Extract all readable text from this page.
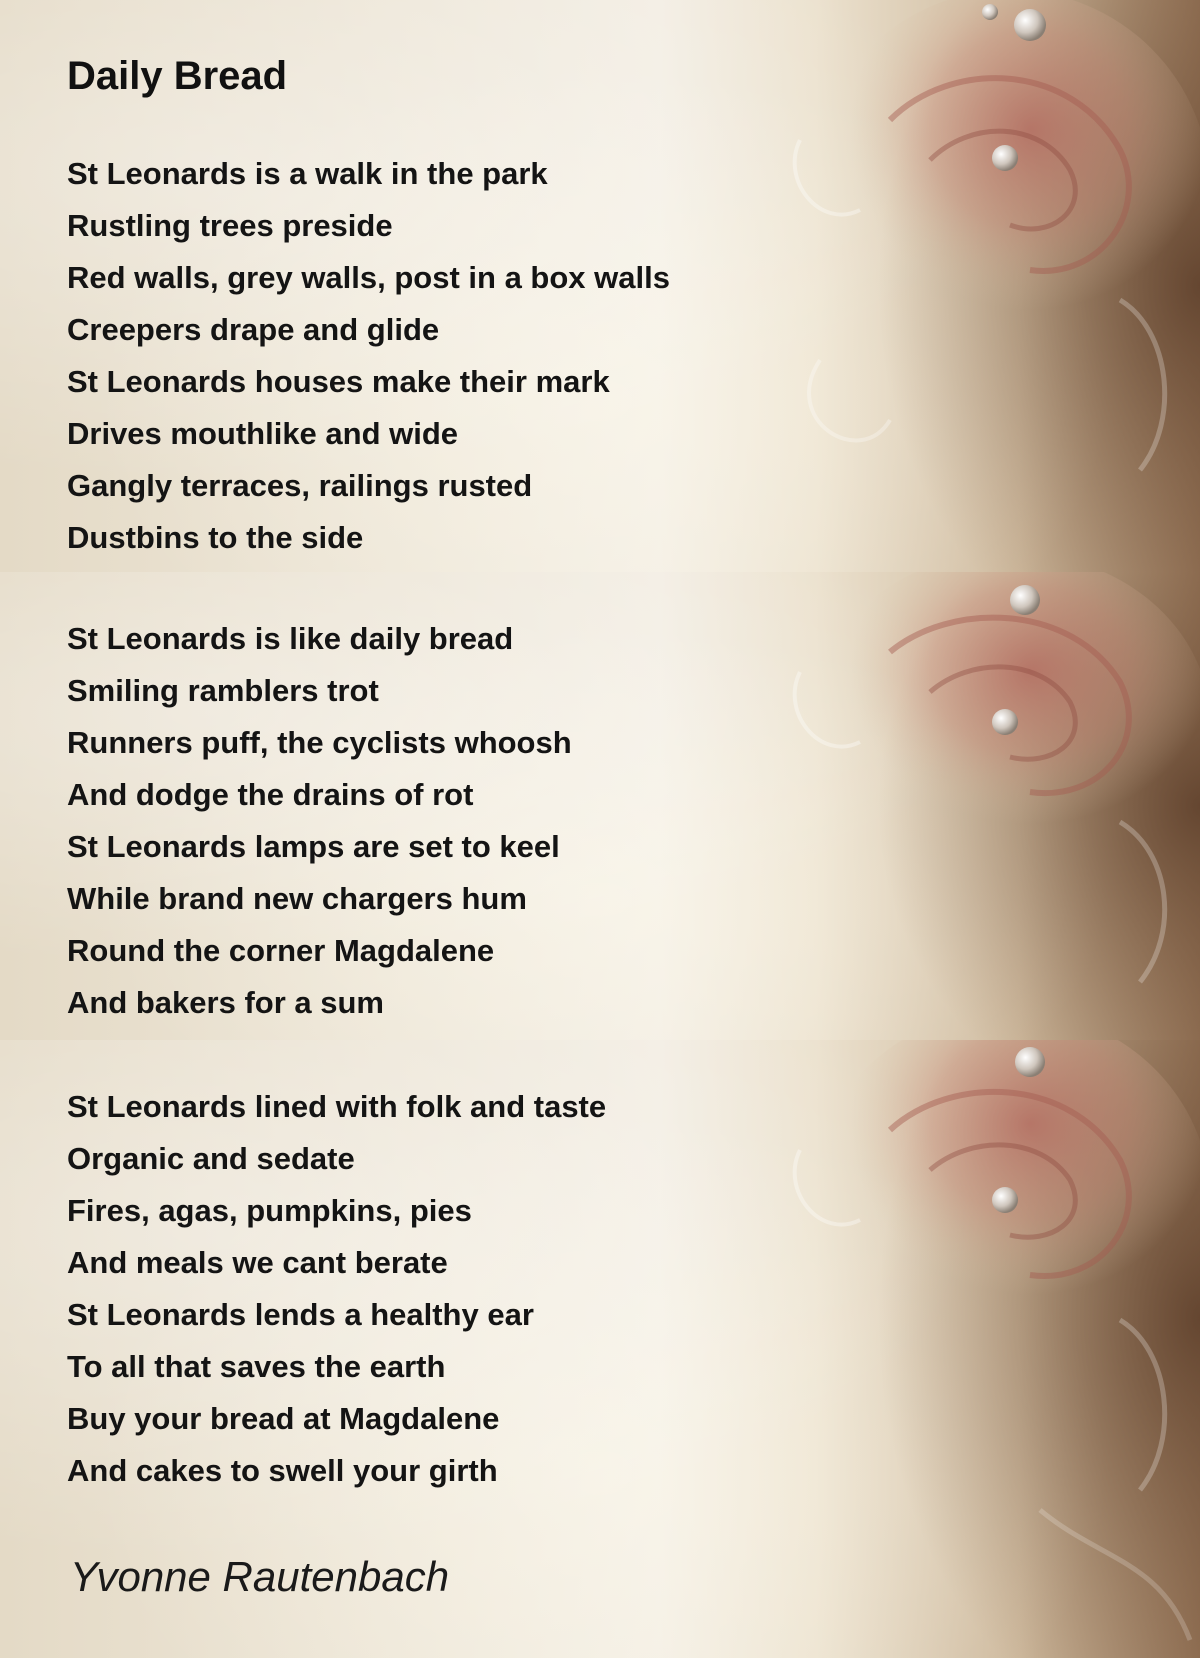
Daily Bread
St Leonards is a walk in the park
Rustling trees preside
Red walls, grey walls, post in a box walls
Creepers drape and glide
St Leonards houses make their mark
Drives mouthlike and wide
Gangly terraces, railings rusted
Dustbins to the side
St Leonards is like daily bread
Smiling ramblers trot
Runners puff, the cyclists whoosh
And dodge the drains of rot
St Leonards lamps are set to keel
While brand new chargers hum
Round the corner Magdalene
And bakers for a sum
St Leonards lined with folk and taste
Organic and sedate
Fires, agas, pumpkins, pies
And meals we cant berate
St Leonards lends a healthy ear
To all that saves the earth
Buy your bread at Magdalene
And cakes to swell your girth

Yvonne Rautenbach
